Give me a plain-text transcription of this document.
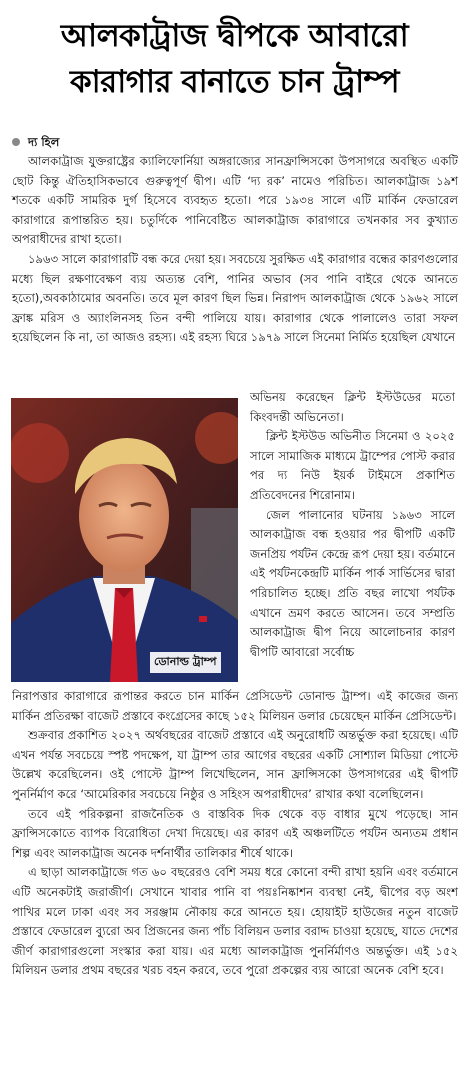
আলকাট্রাজ দ্বীপকে আবারো
কারাগার বানাতে চান ট্রাম্প
দ্য হিল

আলকাট্রাজ যুক্তরাষ্ট্রের ক্যালিফোর্নিয়া অঙ্গরাজ্যের সানফ্রান্সিসকো উপসাগরে অবস্থিত একটি ছোট কিন্তু ঐতিহাসিকভাবে গুরুত্বপূর্ণ দ্বীপ। এটি ‘দ্য রক’ নামেও পরিচিত। আলকাট্রাজ ১৯শ শতকে একটি সামরিক দুর্গ হিসেবে ব্যবহৃত হতো। পরে ১৯৩৪ সালে এটি মার্কিন ফেডারেল কারাগারে রূপান্তরিত হয়। চতুর্দিকে পানিবেষ্টিত আলকাট্রাজ কারাগারে তখনকার সব কুখ্যাত অপরাধীদের রাখা হতো।

১৯৬৩ সালে কারাগারটি বন্ধ করে দেয়া হয়। সবচেয়ে সুরক্ষিত এই কারাগার বন্ধের কারণগুলোর মধ্যে ছিল রক্ষণাবেক্ষণ ব্যয় অত্যন্ত বেশি, পানির অভাব (সব পানি বাইরে থেকে আনতে হতো),অবকাঠামোর অবনতি। তবে মূল কারণ ছিল ভিন্ন। নিরাপদ আলকাট্রাজ থেকে ১৯৬২ সালে ফ্রাঙ্ক মরিস ও অ্যাংলিনসহ তিন বন্দী পালিয়ে যায়। কারাগার থেকে পালালেও তারা সফল হয়েছিলেন কি না, তা আজও রহস্য। এই রহস্য ঘিরে ১৯৭৯ সালে সিনেমা নির্মিত হয়েছিল যেখানে

ডোনাল্ড ট্রাম্প

অভিনয় করেছেন ক্লিন্ট ইস্টউডের মতো কিংবদন্তী অভিনেতা।

ক্লিন্ট ইস্টউড অভিনীত সিনেমা ও ২০২৫ সালে সামাজিক মাধ্যমে ট্রাম্পের পোস্ট করার পর দ্য নিউ ইয়র্ক টাইমসে প্রকাশিত প্রতিবেদনের শিরোনাম।

জেল পালানোর ঘটনায় ১৯৬৩ সালে আলকাট্রাজ বন্ধ হওয়ার পর দ্বীপটি একটি জনপ্রিয় পর্যটন কেন্দ্রে রূপ দেয়া হয়। বর্তমানে এই পর্যটনকেন্দ্রটি মার্কিন পার্ক সার্ভিসের দ্বারা পরিচালিত হচ্ছে। প্রতি বছর লাখো পর্যটক এখানে ভ্রমণ করতে আসেন। তবে সম্প্রতি আলকাট্রাজ দ্বীপ নিয়ে আলোচনার কারণ দ্বীপটি আবারো সর্বোচ্চ

নিরাপত্তার কারাগারে রূপান্তর করতে চান মার্কিন প্রেসিডেন্ট ডোনাল্ড ট্রাম্প। এই কাজের জন্য মার্কিন প্রতিরক্ষা বাজেট প্রস্তাবে কংগ্রেসের কাছে ১৫২ মিলিয়ন ডলার চেয়েছেন মার্কিন প্রেসিডেন্ট।

শুক্রবার প্রকাশিত ২০২৭ অর্থবছরের বাজেট প্রস্তাবে এই অনুরোধটি অন্তর্ভুক্ত করা হয়েছে। এটি এখন পর্যন্ত সবচেয়ে স্পষ্ট পদক্ষেপ, যা ট্রাম্প তার আগের বছরের একটি সোশ্যাল মিডিয়া পোস্টে উল্লেখ করেছিলেন। ওই পোস্টে ট্রাম্প লিখেছিলেন, সান ফ্রান্সিসকো উপসাগরের এই দ্বীপটি পুনর্নির্মাণ করে ‘আমেরিকার সবচেয়ে নিষ্ঠুর ও সহিংস অপরাধীদের’ রাখার কথা বলেছিলেন।

তবে এই পরিকল্পনা রাজনৈতিক ও বাস্তবিক দিক থেকে বড় বাধার মুখে পড়েছে। সান ফ্রান্সিসকোতে ব্যাপক বিরোধিতা দেখা দিয়েছে। এর কারণ এই অঞ্চলটিতে পর্যটন অন্যতম প্রধান শিল্প এবং আলকাট্রাজ অনেক দর্শনার্থীর তালিকার শীর্ষে থাকে।

এ ছাড়া আলকাট্রাজে গত ৬০ বছরেরও বেশি সময় ধরে কোনো বন্দী রাখা হয়নি এবং বর্তমানে এটি অনেকটাই জরাজীর্ণ। সেখানে খাবার পানি বা পয়ঃনিষ্কাশন ব্যবস্থা নেই, দ্বীপের বড় অংশ পাখির মলে ঢাকা এবং সব সরঞ্জাম নৌকায় করে আনতে হয়। হোয়াইট হাউজের নতুন বাজেট প্রস্তাবে ফেডারেল ব্যুরো অব প্রিজনের জন্য পাঁচ বিলিয়ন ডলার বরাদ্দ চাওয়া হয়েছে, যাতে দেশের জীর্ণ কারাগারগুলো সংস্কার করা যায়। এর মধ্যে আলকাট্রাজ পুনর্নির্মাণও অন্তর্ভুক্ত। এই ১৫২ মিলিয়ন ডলার প্রথম বছরের খরচ বহন করবে, তবে পুরো প্রকল্পের ব্যয় আরো অনেক বেশি হবে।
